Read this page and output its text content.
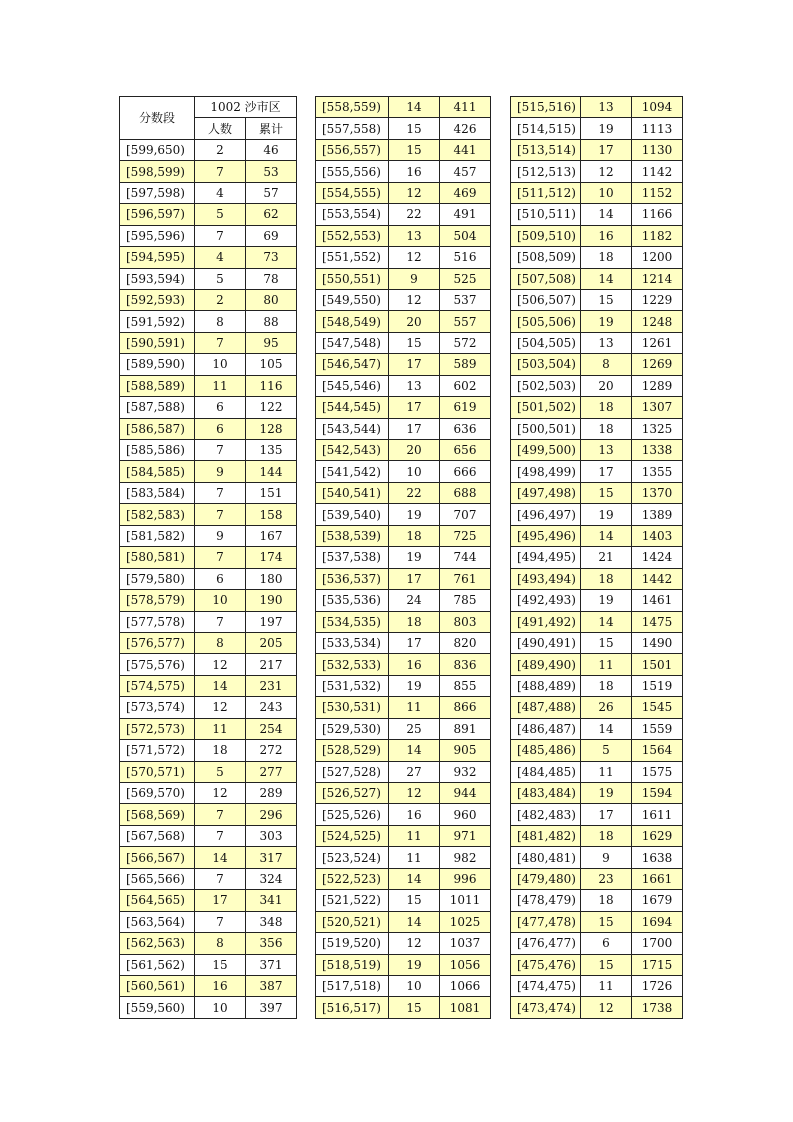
分数段	1002 沙市区	
	人数	累计
[599,650)	2	46
[598,599)	7	53
[597,598)	4	57
[596,597)	5	62
[595,596)	7	69
[594,595)	4	73
[593,594)	5	78
[592,593)	2	80
[591,592)	8	88
[590,591)	7	95
[589,590)	10	105
[588,589)	11	116
[587,588)	6	122
[586,587)	6	128
[585,586)	7	135
[584,585)	9	144
[583,584)	7	151
[582,583)	7	158
[581,582)	9	167
[580,581)	7	174
[579,580)	6	180
[578,579)	10	190
[577,578)	7	197
[576,577)	8	205
[575,576)	12	217
[574,575)	14	231
[573,574)	12	243
[572,573)	11	254
[571,572)	18	272
[570,571)	5	277
[569,570)	12	289
[568,569)	7	296
[567,568)	7	303
[566,567)	14	317
[565,566)	7	324
[564,565)	17	341
[563,564)	7	348
[562,563)	8	356
[561,562)	15	371
[560,561)	16	387
[559,560)	10	397
[558,559)	14	411
[557,558)	15	426
[556,557)	15	441
[555,556)	16	457
[554,555)	12	469
[553,554)	22	491
[552,553)	13	504
[551,552)	12	516
[550,551)	9	525
[549,550)	12	537
[548,549)	20	557
[547,548)	15	572
[546,547)	17	589
[545,546)	13	602
[544,545)	17	619
[543,544)	17	636
[542,543)	20	656
[541,542)	10	666
[540,541)	22	688
[539,540)	19	707
[538,539)	18	725
[537,538)	19	744
[536,537)	17	761
[535,536)	24	785
[534,535)	18	803
[533,534)	17	820
[532,533)	16	836
[531,532)	19	855
[530,531)	11	866
[529,530)	25	891
[528,529)	14	905
[527,528)	27	932
[526,527)	12	944
[525,526)	16	960
[524,525)	11	971
[523,524)	11	982
[522,523)	14	996
[521,522)	15	1011
[520,521)	14	1025
[519,520)	12	1037
[518,519)	19	1056
[517,518)	10	1066
[516,517)	15	1081
[515,516)	13	1094
[514,515)	19	1113
[513,514)	17	1130
[512,513)	12	1142
[511,512)	10	1152
[510,511)	14	1166
[509,510)	16	1182
[508,509)	18	1200
[507,508)	14	1214
[506,507)	15	1229
[505,506)	19	1248
[504,505)	13	1261
[503,504)	8	1269
[502,503)	20	1289
[501,502)	18	1307
[500,501)	18	1325
[499,500)	13	1338
[498,499)	17	1355
[497,498)	15	1370
[496,497)	19	1389
[495,496)	14	1403
[494,495)	21	1424
[493,494)	18	1442
[492,493)	19	1461
[491,492)	14	1475
[490,491)	15	1490
[489,490)	11	1501
[488,489)	18	1519
[487,488)	26	1545
[486,487)	14	1559
[485,486)	5	1564
[484,485)	11	1575
[483,484)	19	1594
[482,483)	17	1611
[481,482)	18	1629
[480,481)	9	1638
[479,480)	23	1661
[478,479)	18	1679
[477,478)	15	1694
[476,477)	6	1700
[475,476)	15	1715
[474,475)	11	1726
[473,474)	12	1738
